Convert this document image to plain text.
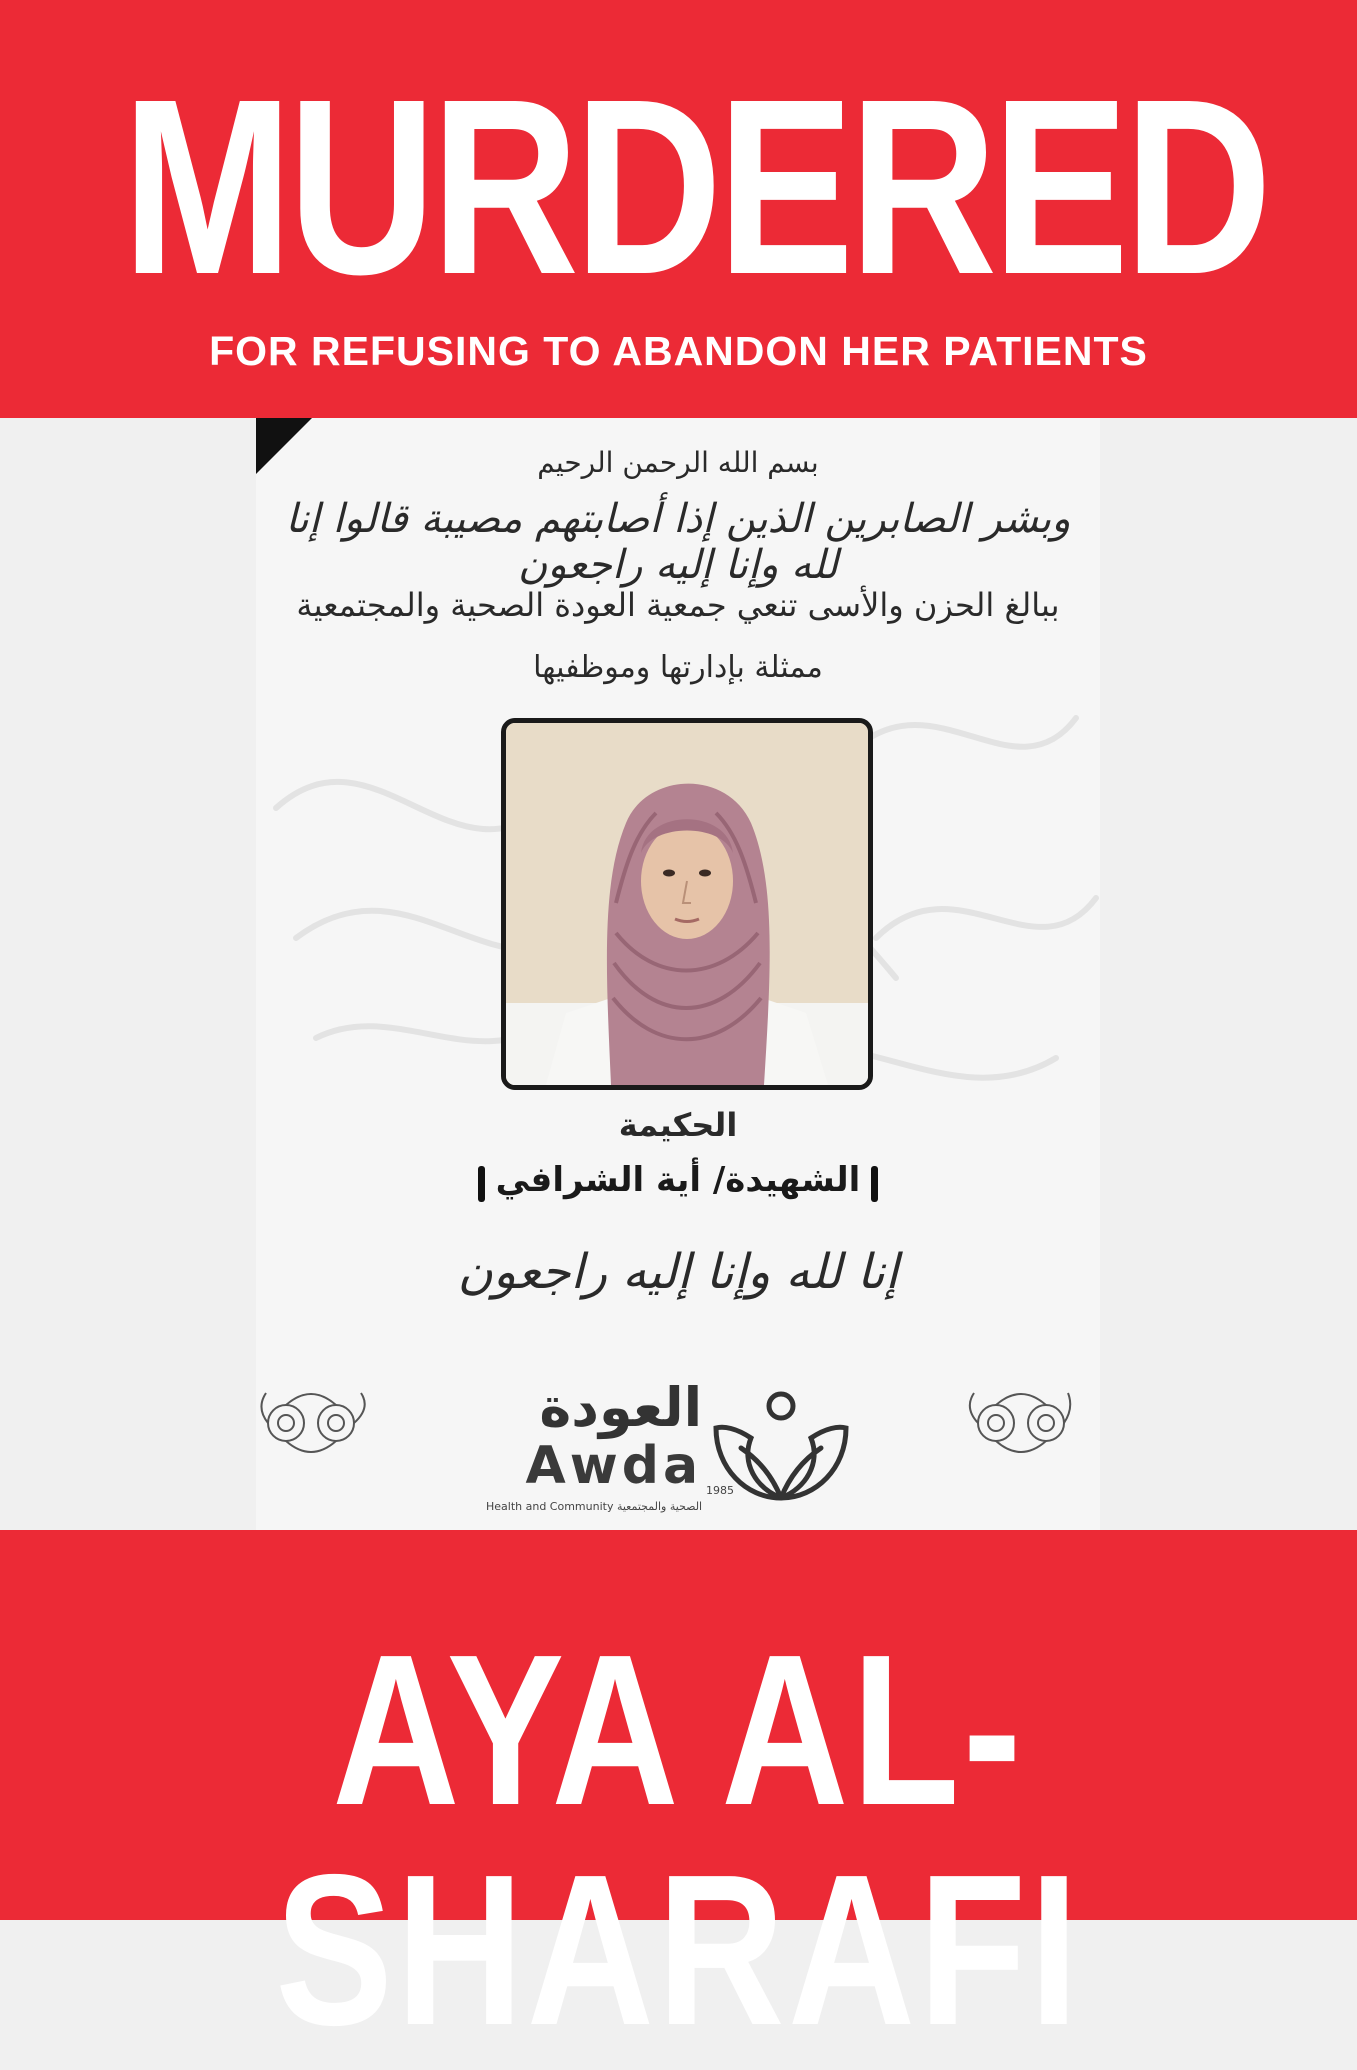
MURDERED
FOR REFUSING TO ABANDON HER PATIENTS
بسم الله الرحمن الرحيم
وبشر الصابرين الذين إذا أصابتهم مصيبة قالوا إنا لله وإنا إليه راجعون
ببالغ الحزن والأسى تنعي جمعية العودة الصحية والمجتمعية
ممثلة بإدارتها وموظفيها
الحكيمة
الشهيدة/ أية الشرافي
إنا لله وإنا إليه راجعون
العودة
Awda
Health and Community الصحية والمجتمعية
1985
AYA AL-SHARAFI
